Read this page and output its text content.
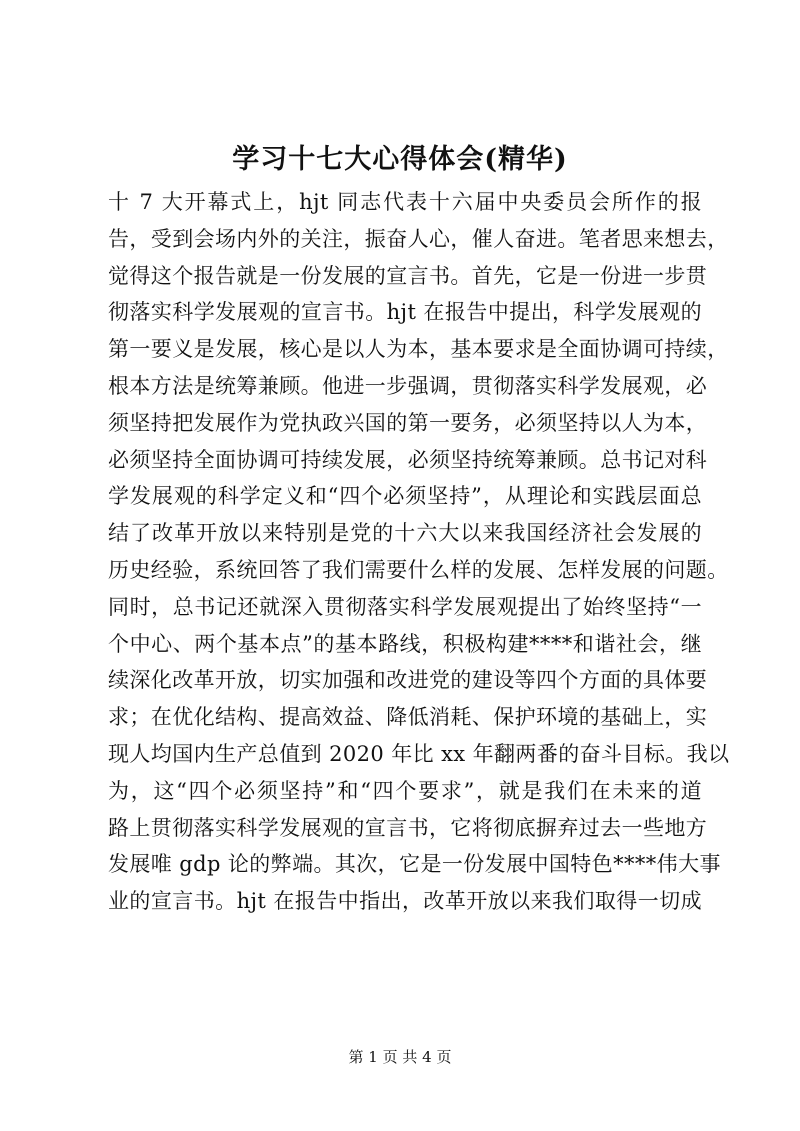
学习十七大心得体会(精华)
十 7 大开幕式上，hjt 同志代表十六届中央委员会所作的报
告，受到会场内外的关注，振奋人心，催人奋进。笔者思来想去，
觉得这个报告就是一份发展的宣言书。首先，它是一份进一步贯
彻落实科学发展观的宣言书。hjt 在报告中提出，科学发展观的
第一要义是发展，核心是以人为本，基本要求是全面协调可持续，
根本方法是统筹兼顾。他进一步强调，贯彻落实科学发展观，必
须坚持把发展作为党执政兴国的第一要务，必须坚持以人为本，
必须坚持全面协调可持续发展，必须坚持统筹兼顾。总书记对科
学发展观的科学定义和“四个必须坚持”，从理论和实践层面总
结了改革开放以来特别是党的十六大以来我国经济社会发展的
历史经验，系统回答了我们需要什么样的发展、怎样发展的问题。
同时，总书记还就深入贯彻落实科学发展观提出了始终坚持“一
个中心、两个基本点”的基本路线，积极构建****和谐社会，继
续深化改革开放，切实加强和改进党的建设等四个方面的具体要
求；在优化结构、提高效益、降低消耗、保护环境的基础上，实
现人均国内生产总值到 2020 年比 xx 年翻两番的奋斗目标。我以
为，这“四个必须坚持”和“四个要求”，就是我们在未来的道
路上贯彻落实科学发展观的宣言书，它将彻底摒弃过去一些地方
发展唯 gdp 论的弊端。其次，它是一份发展中国特色****伟大事
业的宣言书。hjt 在报告中指出，改革开放以来我们取得一切成
第 1 页 共 4 页
